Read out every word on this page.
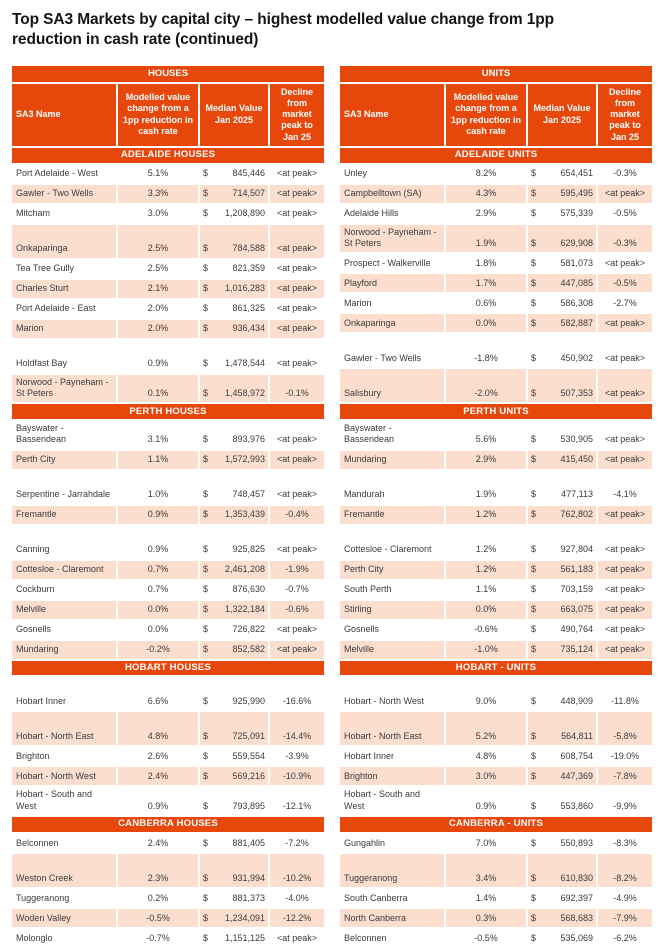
Top SA3 Markets by capital city – highest modelled value change from 1pp reduction in cash rate (continued)
HOUSES			
SA3 Name	Modelled value change from a 1pp reduction in cash rate	Median Value Jan 2025	Decline from market peak to Jan 25
ADELAIDE HOUSES			
Port Adelaide - West	5.1%	$ 845,446	<at peak>
Gawler - Two Wells	3.3%	$ 714,507	<at peak>
Mitcham	3.0%	$ 1,208,890	<at peak>
Onkaparinga	2.5%	$ 784,588	<at peak>
Tea Tree Gully	2.5%	$ 821,359	<at peak>
Charles Sturt	2.1%	$ 1,016,283	<at peak>
Port Adelaide - East	2.0%	$ 861,325	<at peak>
Marion	2.0%	$ 936,434	<at peak>
Holdfast Bay	0.9%	$ 1,478,544	<at peak>
Norwood - Payneham - St Peters	0.1%	$ 1,458,972	-0.1%
PERTH HOUSES			
Bayswater - Bassendean	3.1%	$ 893,976	<at peak>
Perth City	1.1%	$ 1,572,993	<at peak>
Serpentine - Jarrahdale	1.0%	$ 748,457	<at peak>
Fremantle	0.9%	$ 1,353,439	-0.4%
Canning	0.9%	$ 925,825	<at peak>
Cottesloe - Claremont	0.7%	$ 2,461,208	-1.9%
Cockburn	0.7%	$ 876,630	-0.7%
Melville	0.0%	$ 1,322,184	-0.6%
Gosnells	0.0%	$ 726,822	<at peak>
Mundaring	-0.2%	$ 852,582	<at peak>
HOBART HOUSES			
Hobart Inner	6.6%	$ 925,990	-16.6%
Hobart - North East	4.8%	$ 725,091	-14.4%
Brighton	2.6%	$ 559,554	-3.9%
Hobart - North West	2.4%	$ 569,216	-10.9%
Hobart - South and West	0.9%	$ 793,895	-12.1%
CANBERRA HOUSES			
Belconnen	2.4%	$ 881,405	-7.2%
Weston Creek	2.3%	$ 931,994	-10.2%
Tuggeranong	0.2%	$ 881,373	-4.0%
Woden Valley	-0.5%	$ 1,234,091	-12.2%
Molonglo	-0.7%	$ 1,151,125	<at peak>
UNITS			
SA3 Name	Modelled value change from a 1pp reduction in cash rate	Median Value Jan 2025	Decline from market peak to Jan 25
ADELAIDE UNITS			
Unley	8.2%	$ 654,451	-0.3%
Campbelltown (SA)	4.3%	$ 595,495	<at peak>
Adelaide Hills	2.9%	$ 575,339	-0.5%
Norwood - Payneham - St Peters	1.9%	$ 629,908	-0.3%
Prospect - Walkerville	1.8%	$ 581,073	<at peak>
Playford	1.7%	$ 447,085	-0.5%
Marion	0.6%	$ 586,308	-2.7%
Onkaparinga	0.0%	$ 582,887	<at peak>
Gawler - Two Wells	-1.8%	$ 450,902	<at peak>
Salisbury	-2.0%	$ 507,353	<at peak>
PERTH UNITS			
Bayswater - Bassendean	5.6%	$ 530,905	<at peak>
Mundaring	2.9%	$ 415,450	<at peak>
Mandurah	1.9%	$ 477,113	-4.1%
Fremantle	1.2%	$ 762,802	<at peak>
Cottesloe - Claremont	1.2%	$ 927,804	<at peak>
Perth City	1.2%	$ 561,183	<at peak>
South Perth	1.1%	$ 703,159	<at peak>
Stirling	0.0%	$ 663,075	<at peak>
Gosnells	-0.6%	$ 490,764	<at peak>
Melville	-1.0%	$ 735,124	<at peak>
HOBART - UNITS			
Hobart - North West	9.0%	$ 448,909	-11.8%
Hobart - North East	5.2%	$ 564,811	-5.8%
Hobart Inner	4.8%	$ 608,754	-19.0%
Brighton	3.0%	$ 447,369	-7.8%
Hobart - South and West	0.9%	$ 553,860	-9.9%
CANBERRA - UNITS			
Gungahlin	7.0%	$ 550,893	-8.3%
Tuggeranong	3.4%	$ 610,830	-8.2%
South Canberra	1.4%	$ 692,397	-4.9%
North Canberra	0.3%	$ 568,683	-7.9%
Belconnen	-0.5%	$ 535,069	-6.2%
